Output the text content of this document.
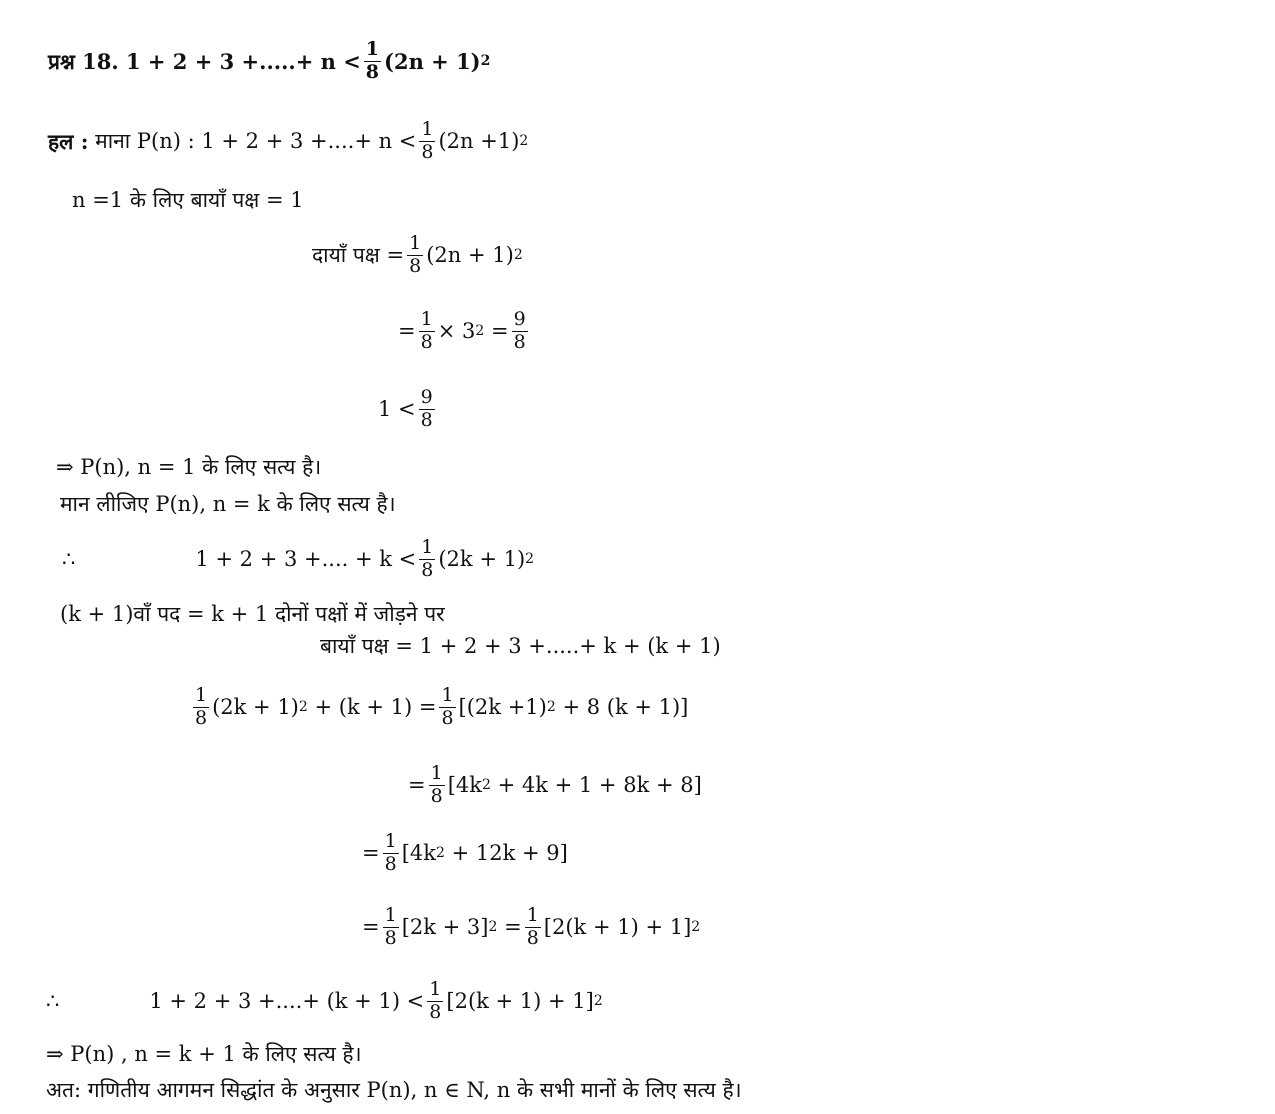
प्रश्न 18.
1 + 2 + 3 +.....+ $n < \frac{1}{8} (2n + 1)$ 2
हल :
माना P(n) : 1 + 2 + 3 +....+ $n < \frac{1}{8} (2n +1)$ 2
n =1 के लिए बायाँ पक्ष = 1
दायाँ पक्ष = $\frac{1}{8} (2n + 1)$ 2
= $\frac{1}{8} \times 3$ 2
= $\frac{9}{8}$
$1 < \frac{9}{8}$
⇒ P(n), n = 1 के लिए सत्य है।
मान लीजिए P(n), n = k के लिए सत्य है।
∴	1 + 2 + 3 +.... + $k < \frac{1}{8} (2k + 1)$ 2
(k + 1)वाँ पद = k + 1 दोनों पक्षों में जोड़ने पर
बायाँ पक्ष = 1 + 2 + 3 +.....+ k + (k + 1)
$\frac{1}{8} (2k + 1)$ 2
+ $(k + 1) = \frac{1}{8} [(2k +1)$ 2
+ 8 (k + 1)]
= $\frac{1}{8} [4k$ 2
+ 4k + 1 + 8k + 8]
= $\frac{1}{8} [4k$ 2
+ 12k + 9]
= $\frac{1}{8} [2k + 3]$ 2
= $\frac{1}{8} [2(k + 1) + 1]$ 2
∴	1 + 2 + 3 +....+ $(k + 1) < \frac{1}{8} [2(k + 1) + 1]$ 2
⇒ P(n) , n = k + 1 के लिए सत्य है।
अत: गणितीय आगमन सिद्धांत के अनुसार P(n), n ∈ N, n के सभी मानों के लिए सत्य है।
